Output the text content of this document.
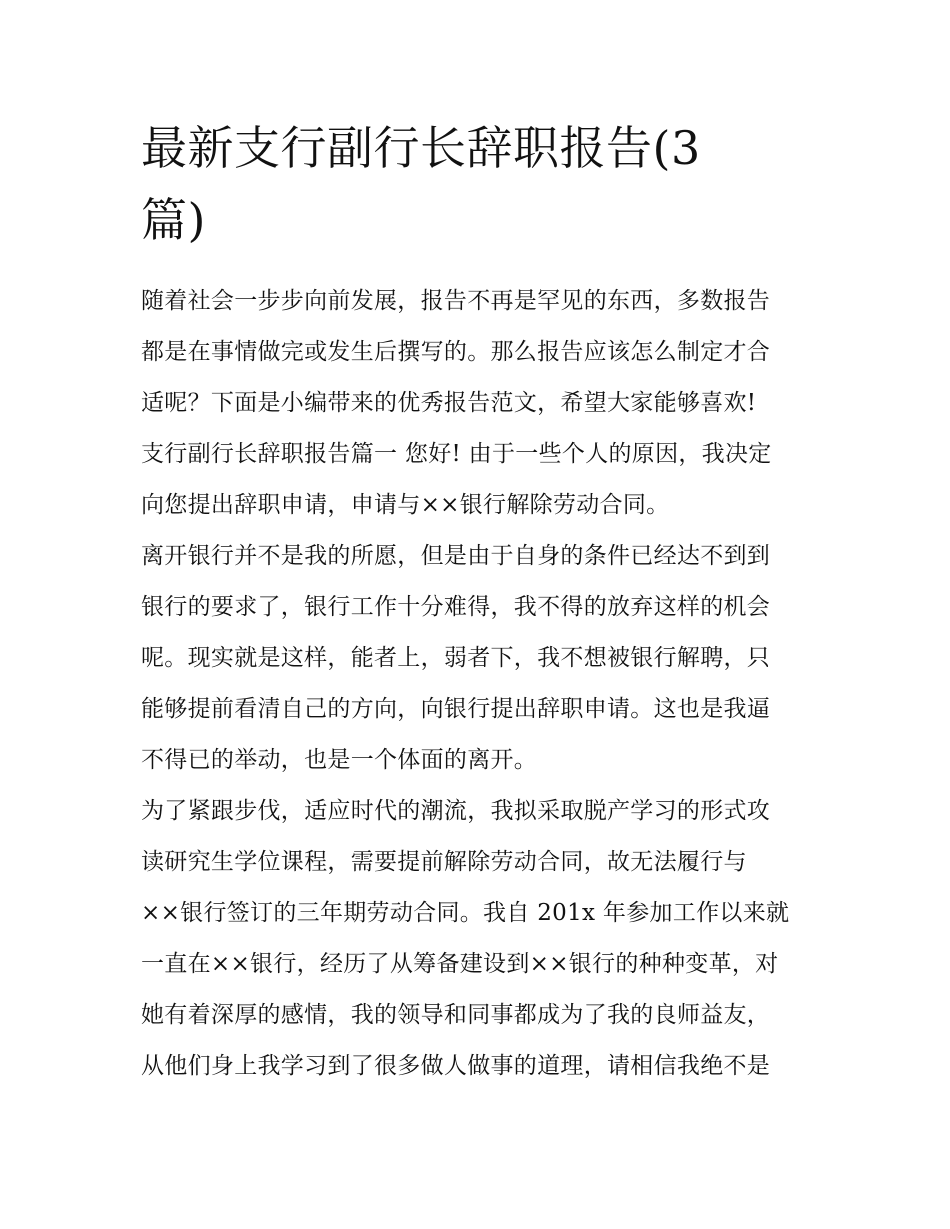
最新支行副行长辞职报告(3
篇)
随着社会一步步向前发展，报告不再是罕见的东西，多数报告
都是在事情做完或发生后撰写的。那么报告应该怎么制定才合
适呢？下面是小编带来的优秀报告范文，希望大家能够喜欢!
支行副行长辞职报告篇一 您好! 由于一些个人的原因，我决定
向您提出辞职申请，申请与××银行解除劳动合同。
离开银行并不是我的所愿，但是由于自身的条件已经达不到到
银行的要求了，银行工作十分难得，我不得的放弃这样的机会
呢。现实就是这样，能者上，弱者下，我不想被银行解聘，只
能够提前看清自己的方向，向银行提出辞职申请。这也是我逼
不得已的举动，也是一个体面的离开。
为了紧跟步伐，适应时代的潮流，我拟采取脱产学习的形式攻
读研究生学位课程，需要提前解除劳动合同，故无法履行与
××银行签订的三年期劳动合同。我自 201x 年参加工作以来就
一直在××银行，经历了从筹备建设到××银行的种种变革，对
她有着深厚的感情，我的领导和同事都成为了我的良师益友，
从他们身上我学习到了很多做人做事的道理，请相信我绝不是
